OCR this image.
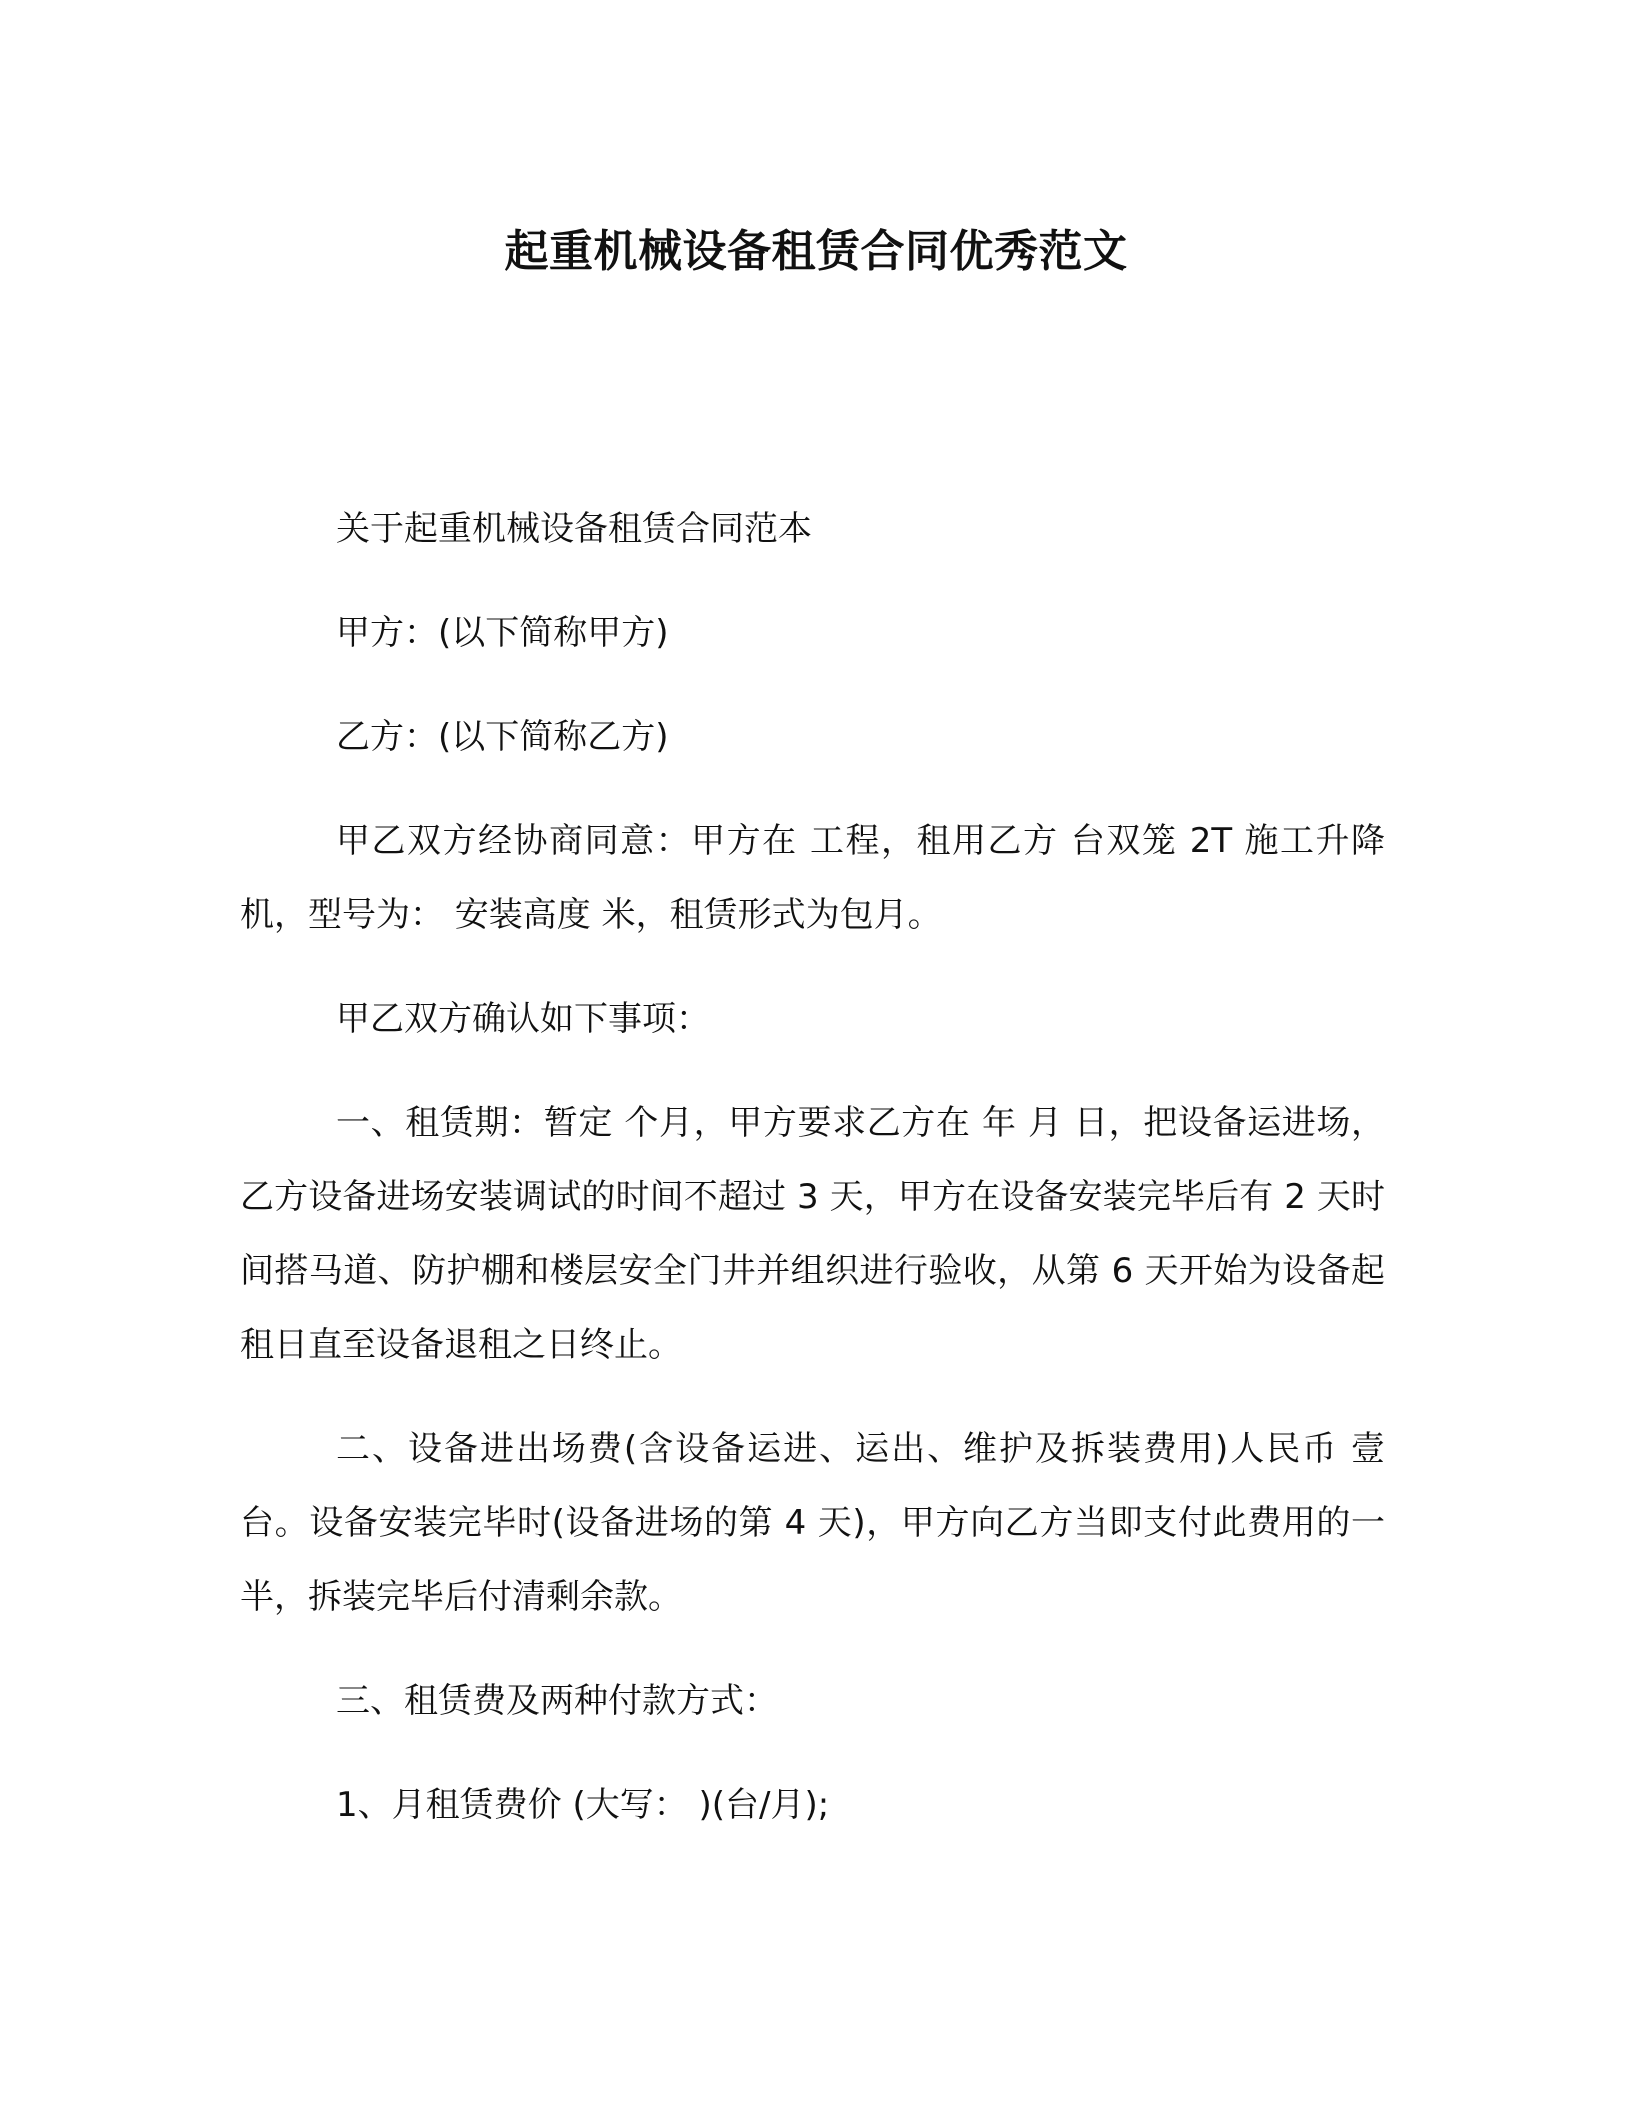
起重机械设备租赁合同优秀范文

关于起重机械设备租赁合同范本

甲方：(以下简称甲方)

乙方：(以下简称乙方)

甲乙双方经协商同意：甲方在 工程，租用乙方 台双笼 2T 施工升降机，型号为： 安装高度 米，租赁形式为包月。

甲乙双方确认如下事项：

一、租赁期：暂定 个月，甲方要求乙方在 年 月 日，把设备运进场，乙方设备进场安装调试的时间不超过 3 天，甲方在设备安装完毕后有 2 天时间搭马道、防护棚和楼层安全门井并组织进行验收，从第 6 天开始为设备起租日直至设备退租之日终止。

二、设备进出场费(含设备运进、运出、维护及拆装费用)人民币 壹台。设备安装完毕时(设备进场的第 4 天)，甲方向乙方当即支付此费用的一半，拆装完毕后付清剩余款。

三、租赁费及两种付款方式：

1、月租赁费价 (大写： )(台/月);
